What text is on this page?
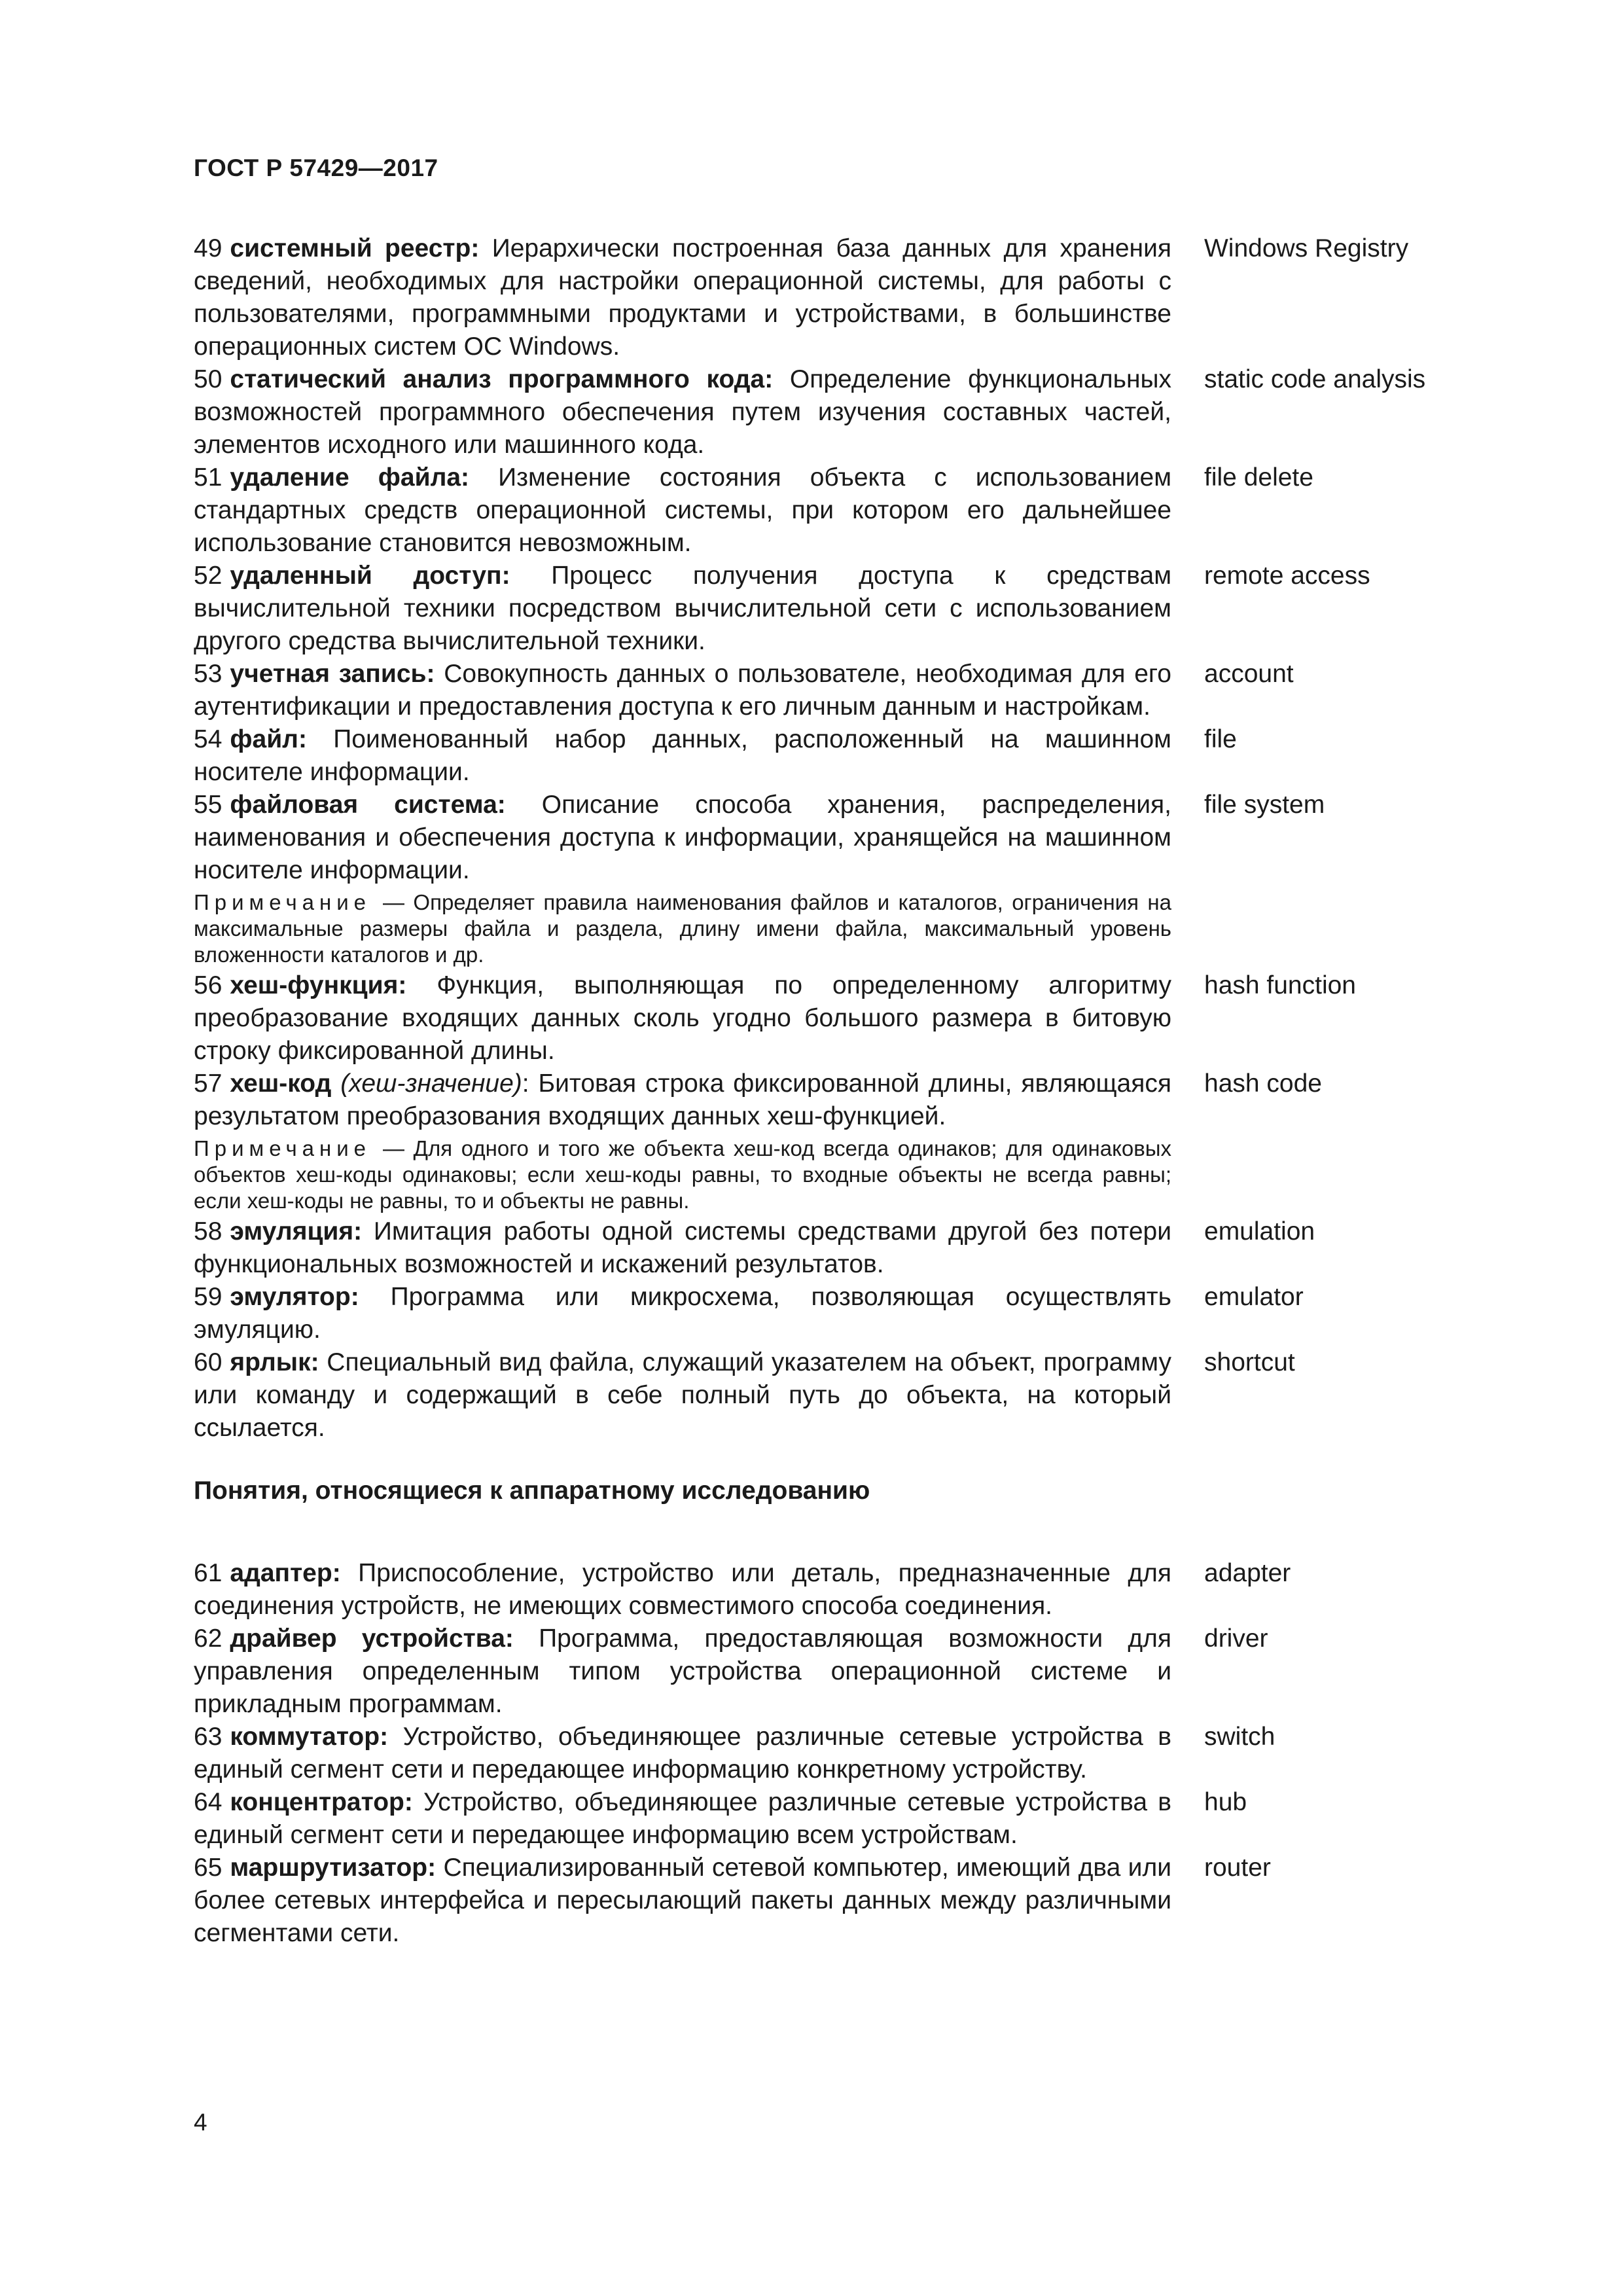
ГОСТ Р 57429—2017
49 системный реестр: Иерархически построенная база данных для хранения сведений, необходимых для настройки операционной системы, для работы с пользователями, программными продуктами и устройствами, в большинстве операционных систем ОС Windows.
Windows Registry
50 статический анализ программного кода: Определение функциональных возможностей программного обеспечения путем изучения составных частей, элементов исходного или машинного кода.
static code analysis
51 удаление файла: Изменение состояния объекта с использованием стандартных средств операционной системы, при котором его дальнейшее использование становится невозможным.
file delete
52 удаленный доступ: Процесс получения доступа к средствам вычислительной техники посредством вычислительной сети с использованием другого средства вычислительной техники.
remote access
53 учетная запись: Совокупность данных о пользователе, необходимая для его аутентификации и предоставления доступа к его личным данным и настройкам.
account
54 файл: Поименованный набор данных, расположенный на машинном носителе информации.
file
55 файловая система: Описание способа хранения, распределения, наименования и обеспечения доступа к информации, хранящейся на машинном носителе информации.
file system
Примечание — Определяет правила наименования файлов и каталогов, ограничения на максимальные размеры файла и раздела, длину имени файла, максимальный уровень вложенности каталогов и др.
56 хеш-функция: Функция, выполняющая по определенному алгоритму преобразование входящих данных сколь угодно большого размера в битовую строку фиксированной длины.
hash function
57 хеш-код (хеш-значение): Битовая строка фиксированной длины, являющаяся результатом преобразования входящих данных хеш-функцией.
hash code
Примечание — Для одного и того же объекта хеш-код всегда одинаков; для одинаковых объектов хеш-коды одинаковы; если хеш-коды равны, то входные объекты не всегда равны; если хеш-коды не равны, то и объекты не равны.
58 эмуляция: Имитация работы одной системы средствами другой без потери функциональных возможностей и искажений результатов.
emulation
59 эмулятор: Программа или микросхема, позволяющая осуществлять эмуляцию.
emulator
60 ярлык: Специальный вид файла, служащий указателем на объект, программу или команду и содержащий в себе полный путь до объекта, на который ссылается.
shortcut
Понятия, относящиеся к аппаратному исследованию
61 адаптер: Приспособление, устройство или деталь, предназначенные для соединения устройств, не имеющих совместимого способа соединения.
adapter
62 драйвер устройства: Программа, предоставляющая возможности для управления определенным типом устройства операционной системе и прикладным программам.
driver
63 коммутатор: Устройство, объединяющее различные сетевые устройства в единый сегмент сети и передающее информацию конкретному устройству.
switch
64 концентратор: Устройство, объединяющее различные сетевые устройства в единый сегмент сети и передающее информацию всем устройствам.
hub
65 маршрутизатор: Специализированный сетевой компьютер, имеющий два или более сетевых интерфейса и пересылающий пакеты данных между различными сегментами сети.
router
4
